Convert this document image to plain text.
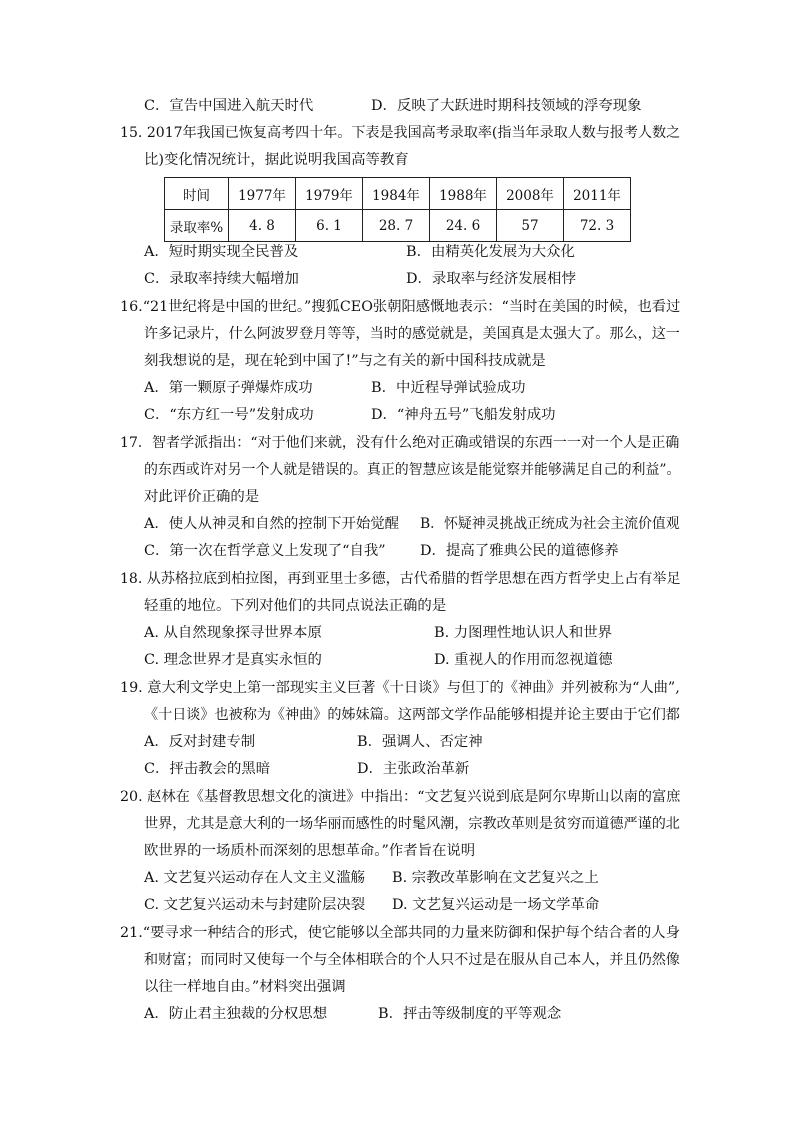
C．宣告中国进入航天时代	D．反映了大跃进时期科技领域的浮夸现象
15. 2017年我国已恢复高考四十年。下表是我国高考录取率(指当年录取人数与报考人数之
比)变化情况统计，据此说明我国高等教育
时间	1977年	1979年	1984年	1988年	2008年	2011年
录取率%	4. 8	6. 1	28. 7	24. 6	57	72. 3
A．短时期实现全民普及	B．由精英化发展为大众化
C．录取率持续大幅增加	D．录取率与经济发展相悖
16.“21世纪将是中国的世纪。”搜狐CEO张朝阳感慨地表示：“当时在美国的时候，也看过
许多记录片，什么阿波罗登月等等，当时的感觉就是，美国真是太强大了。那么，这一
刻我想说的是，现在轮到中国了!”与之有关的新中国科技成就是
A．第一颗原子弹爆炸成功	B．中近程导弹试验成功
C．“东方红一号”发射成功	D．“神舟五号”飞船发射成功
17．智者学派指出：“对于他们来就，没有什么绝对正确或错误的东西一一对一个人是正确
的东西或许对另一个人就是错误的。真正的智慧应该是能觉察并能够满足自己的利益”。
对此评价正确的是
A．使人从神灵和自然的控制下开始觉醒 B．怀疑神灵挑战正统成为社会主流价值观
C．第一次在哲学意义上发现了“自我” D．提高了雅典公民的道德修养
18. 从苏格拉底到柏拉图，再到亚里士多德，古代希腊的哲学思想在西方哲学史上占有举足
轻重的地位。下列对他们的共同点说法正确的是
A. 从自然现象探寻世界本原	B. 力图理性地认识人和世界
C. 理念世界才是真实永恒的	D. 重视人的作用而忽视道德
19. 意大利文学史上第一部现实主义巨著《十日谈》与但丁的《神曲》并列被称为“人曲”,
《十日谈》也被称为《神曲》的姊妹篇。这两部文学作品能够相提并论主要由于它们都
A．反对封建专制	B．强调人、否定神
C．抨击教会的黑暗	D．主张政治革新
20. 赵林在《基督教思想文化的演进》中指出：“文艺复兴说到底是阿尔卑斯山以南的富庶
世界，尤其是意大利的一场华丽而感性的时髦风潮，宗教改革则是贫穷而道德严谨的北
欧世界的一场质朴而深刻的思想革命。”作者旨在说明
A. 文艺复兴运动存在人文主义滥觞 B. 宗教改革影响在文艺复兴之上
C. 文艺复兴运动未与封建阶层决裂 D. 文艺复兴运动是一场文学革命
21.“要寻求一种结合的形式，使它能够以全部共同的力量来防御和保护每个结合者的人身
和财富；而同时又使每一个与全体相联合的个人只不过是在服从自己本人，并且仍然像
以往一样地自由。”材料突出强调
A．防止君主独裁的分权思想	B．抨击等级制度的平等观念
